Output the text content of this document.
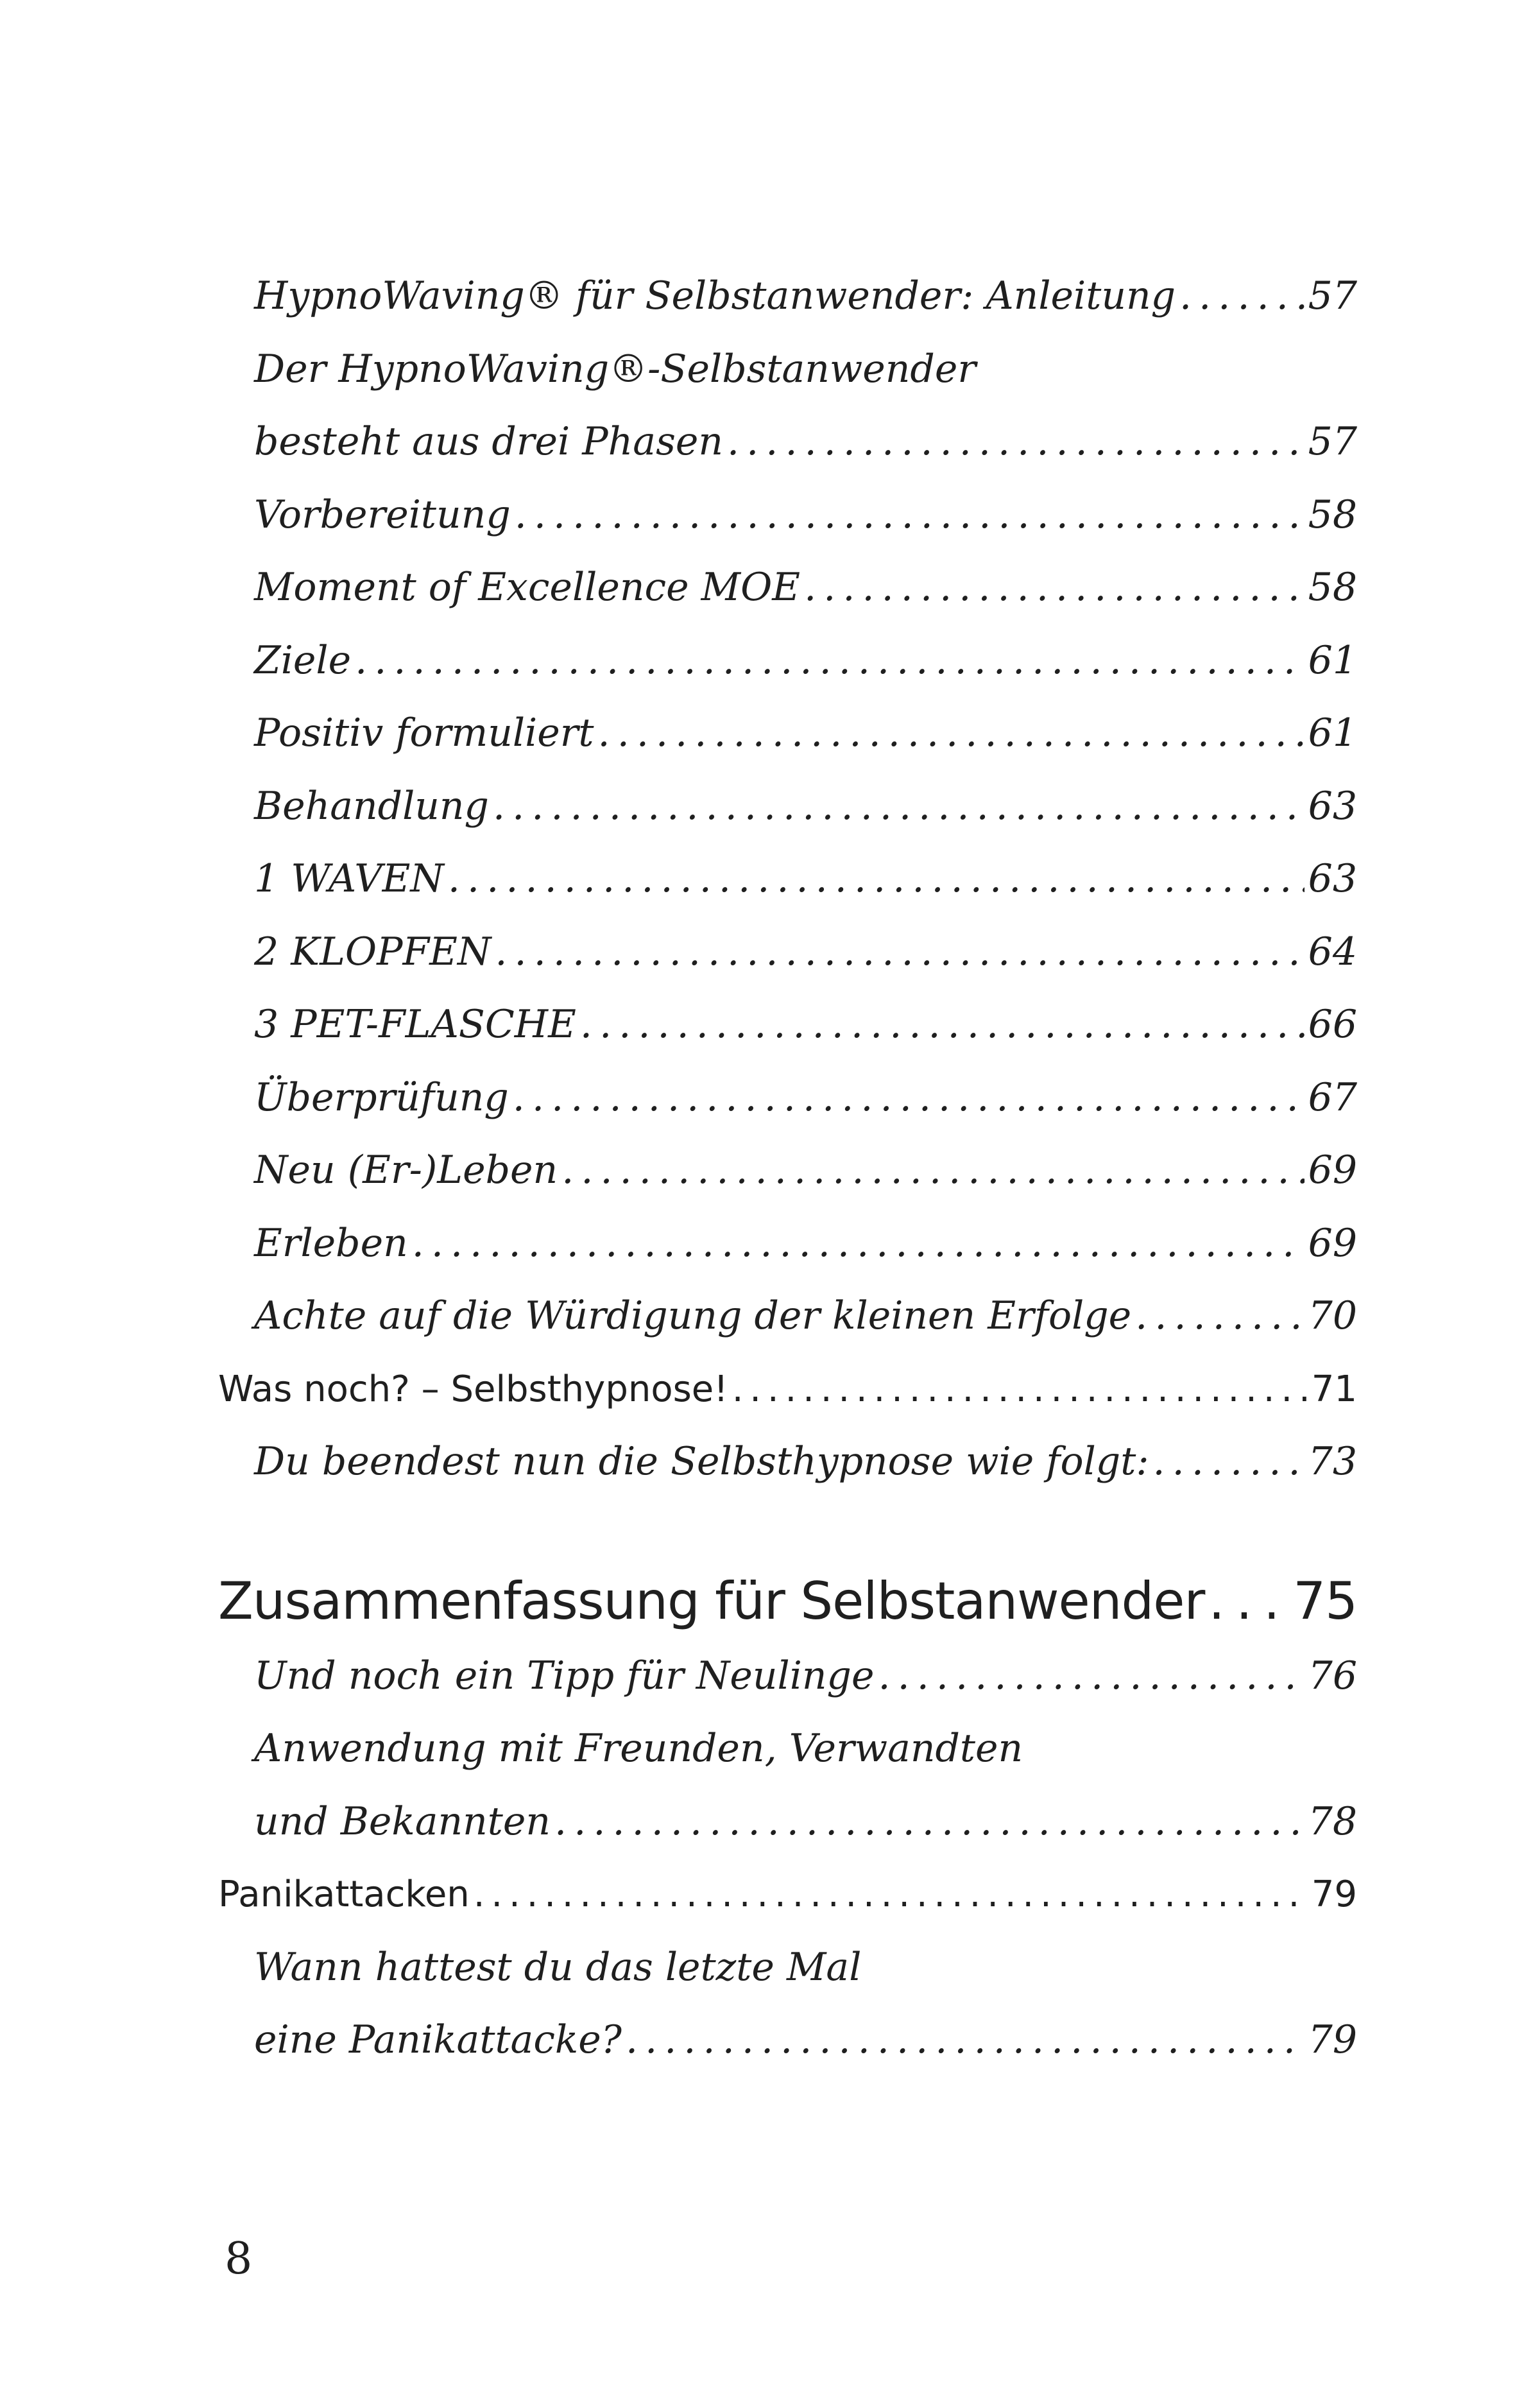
HypnoWaving® für Selbstanwender: Anleitung . . .	57
Der HypnoWaving®-Selbstanwender
besteht aus drei Phasen . . .	57
Vorbereitung . . .	58
Moment of Excellence MOE . . .	58
Ziele . . .	61
Positiv formuliert . . .	61
Behandlung . . .	63
1 WAVEN . . .	63
2 KLOPFEN . . .	64
3 PET-FLASCHE . . .	66
Überprüfung . . .	67
Neu (Er-)Leben . . .	69
Erleben . . .	69
Achte auf die Würdigung der kleinen Erfolge . . .	70
Was noch? – Selbsthypnose! . . .	71
Du beendest nun die Selbsthypnose wie folgt: . . .	73
Zusammenfassung für Selbstanwender . . . 75
Und noch ein Tipp für Neulinge . . .	76
Anwendung mit Freunden, Verwandten
und Bekannten . . .	78
Panikattacken . . .	79
Wann hattest du das letzte Mal
eine Panikattacke? . . .	79
8
